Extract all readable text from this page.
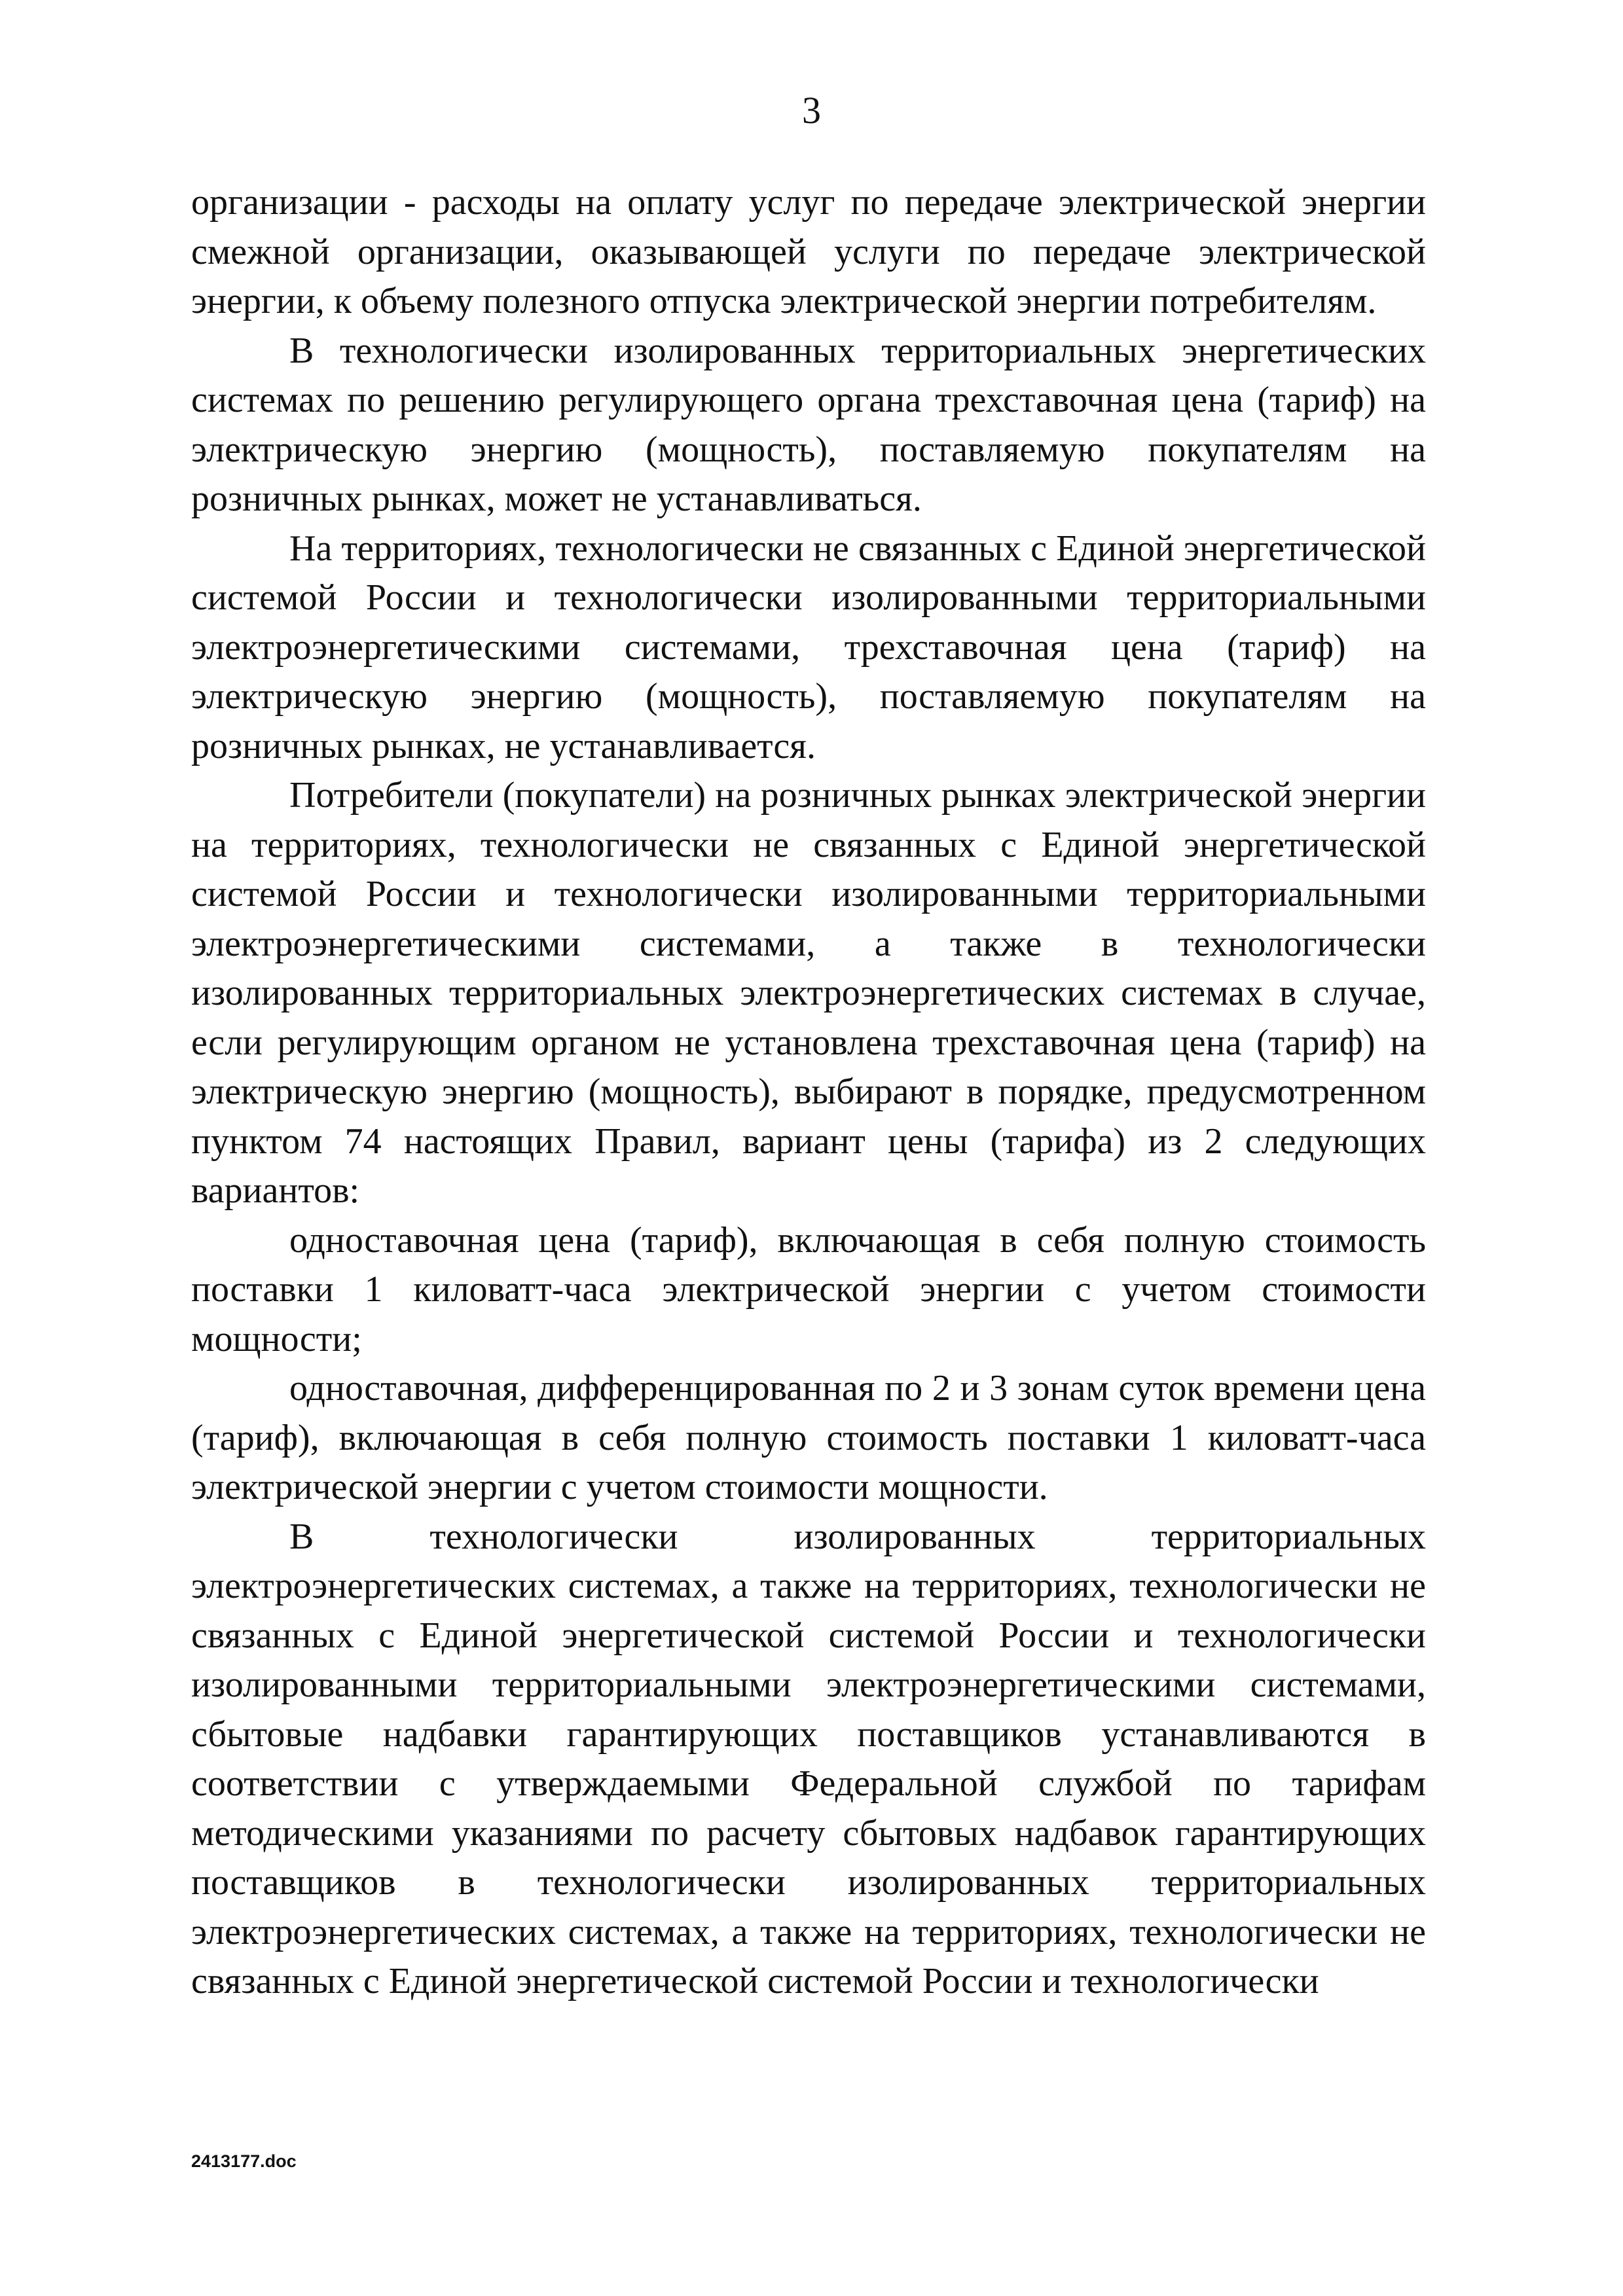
3

организации - расходы на оплату услуг по передаче электрической энергии смежной организации, оказывающей услуги по передаче электрической энергии, к объему полезного отпуска электрической энергии потребителям.

В технологически изолированных территориальных энергетических системах по решению регулирующего органа трехставочная цена (тариф) на электрическую энергию (мощность), поставляемую покупателям на розничных рынках, может не устанавливаться.

На территориях, технологически не связанных с Единой энергетической системой России и технологически изолированными территориальными электроэнергетическими системами, трехставочная цена (тариф) на электрическую энергию (мощность), поставляемую покупателям на розничных рынках, не устанавливается.

Потребители (покупатели) на розничных рынках электрической энергии на территориях, технологически не связанных с Единой энергетической системой России и технологически изолированными территориальными электроэнергетическими системами, а также в технологически изолированных территориальных электроэнергетических системах в случае, если регулирующим органом не установлена трехставочная цена (тариф) на электрическую энергию (мощность), выбирают в порядке, предусмотренном пунктом 74 настоящих Правил, вариант цены (тарифа) из 2 следующих вариантов:

одноставочная цена (тариф), включающая в себя полную стоимость поставки 1 киловатт-часа электрической энергии с учетом стоимости мощности;

одноставочная, дифференцированная по 2 и 3 зонам суток времени цена (тариф), включающая в себя полную стоимость поставки 1 киловатт-часа электрической энергии с учетом стоимости мощности.

В технологически изолированных территориальных электроэнергетических системах, а также на территориях, технологически не связанных с Единой энергетической системой России и технологически изолированными территориальными электроэнергетическими системами, сбытовые надбавки гарантирующих поставщиков устанавливаются в соответствии с утверждаемыми Федеральной службой по тарифам методическими указаниями по расчету сбытовых надбавок гарантирующих поставщиков в технологически изолированных территориальных электроэнергетических системах, а также на территориях, технологически не связанных с Единой энергетической системой России и технологически

2413177.doc
